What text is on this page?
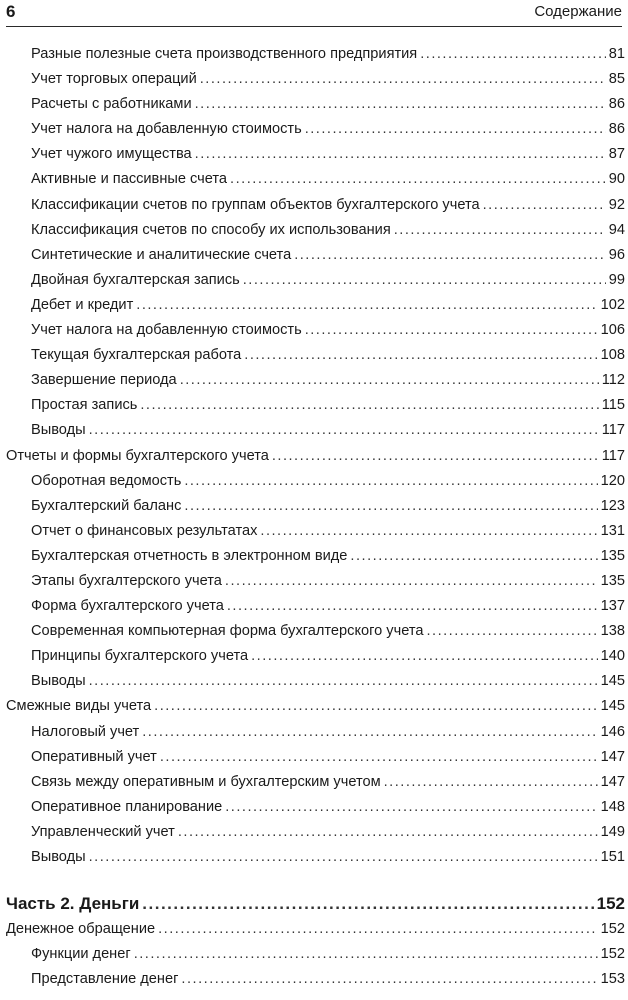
6	Содержание
Разные полезные счета производственного предприятия .....	81
Учет торговых операций .....	85
Расчеты с работниками .....	86
Учет налога на добавленную стоимость .....	86
Учет чужого имущества .....	87
Активные и пассивные счета .....	90
Классификации счетов по группам объектов бухгалтерского учета .....	92
Классификация счетов по способу их использования .....	94
Синтетические и аналитические счета .....	96
Двойная бухгалтерская запись .....	99
Дебет и кредит .....	102
Учет налога на добавленную стоимость .....	106
Текущая бухгалтерская работа .....	108
Завершение периода .....	112
Простая запись .....	115
Выводы .....	117
Отчеты и формы бухгалтерского учета .....	117
Оборотная ведомость .....	120
Бухгалтерский баланс .....	123
Отчет о финансовых результатах .....	131
Бухгалтерская отчетность в электронном виде .....	135
Этапы бухгалтерского учета .....	135
Форма бухгалтерского учета .....	137
Современная компьютерная форма бухгалтерского учета .....	138
Принципы бухгалтерского учета .....	140
Выводы .....	145
Смежные виды учета .....	145
Налоговый учет .....	146
Оперативный учет .....	147
Связь между оперативным и бухгалтерским учетом .....	147
Оперативное планирование .....	148
Управленческий учет .....	149
Выводы .....	151
Часть 2. Деньги .....	152
Денежное обращение .....	152
Функции денег .....	152
Представление денег .....	153
